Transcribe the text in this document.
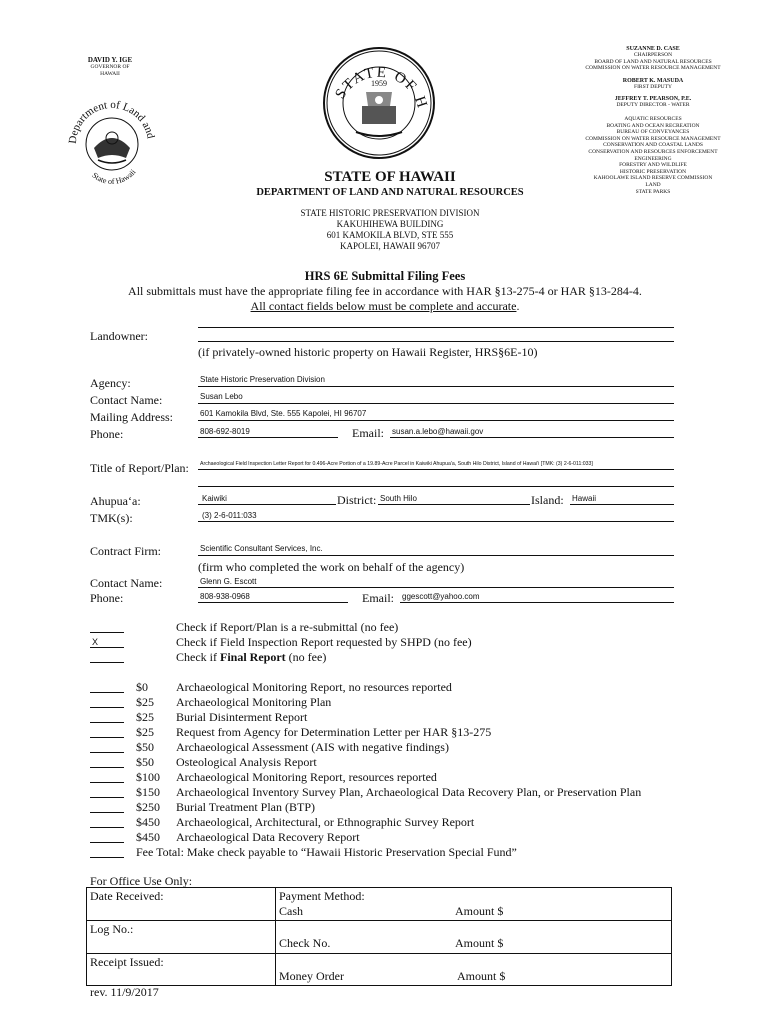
DAVID Y. IGE
GOVERNOR OF
HAWAII
Department of Land and
State of Hawaii
STATE OF H
1959
SUZANNE D. CASE
CHAIRPERSON
BOARD OF LAND AND NATURAL RESOURCES
COMMISSION ON WATER RESOURCE MANAGEMENT
ROBERT K. MASUDA
FIRST DEPUTY
JEFFREY T. PEARSON, P.E.
DEPUTY DIRECTOR - WATER
AQUATIC RESOURCES
BOATING AND OCEAN RECREATION
BUREAU OF CONVEYANCES
COMMISSION ON WATER RESOURCE MANAGEMENT
CONSERVATION AND COASTAL LANDS
CONSERVATION AND RESOURCES ENFORCEMENT
ENGINEERING
FORESTRY AND WILDLIFE
HISTORIC PRESERVATION
KAHOOLAWE ISLAND RESERVE COMMISSION
LAND
STATE PARKS
STATE OF HAWAII
DEPARTMENT OF LAND AND NATURAL RESOURCES
STATE HISTORIC PRESERVATION DIVISION
KAKUHIHEWA BUILDING
601 KAMOKILA BLVD, STE 555
KAPOLEI, HAWAII 96707
HRS 6E Submittal Filing Fees
All submittals must have the appropriate filing fee in accordance with HAR §13-275-4 or HAR §13-284-4.
All contact fields below must be complete and accurate.
Landowner:
(if privately-owned historic property on Hawaii Register, HRS§6E-10)
Agency:	State Historic Preservation Division
Contact Name:	Susan Lebo
Mailing Address:	601 Kamokila Blvd, Ste. 555 Kapolei, HI 96707
Phone:	808-692-8019	Email: susan.a.lebo@hawaii.gov
Title of Report/Plan: Archaeological Field Inspection Letter Report for 0.496-Acre Portion of a 19.89-Acre Parcel in Kaiwiki Ahupua'a, South Hilo District, Island of Hawai'i [TMK: (3) 2-6-011:033]
Ahupua‘a:	Kaiwiki	District: South Hilo	Island: Hawaii
TMK(s):	(3) 2-6-011:033
Contract Firm:	Scientific Consultant Services, Inc.
(firm who completed the work on behalf of the agency)
Contact Name:	Glenn G. Escott
Phone:	808-938-0968	Email: ggescott@yahoo.com
Check if Report/Plan is a re-submittal (no fee)
X	Check if Field Inspection Report requested by SHPD (no fee)
Check if Final Report (no fee)
$0 Archaeological Monitoring Report, no resources reported
$25 Archaeological Monitoring Plan
$25 Burial Disinterment Report
$25 Request from Agency for Determination Letter per HAR §13-275
$50 Archaeological Assessment (AIS with negative findings)
$50 Osteological Analysis Report
$100 Archaeological Monitoring Report, resources reported
$150 Archaeological Inventory Survey Plan, Archaeological Data Recovery Plan, or Preservation Plan
$250 Burial Treatment Plan (BTP)
$450 Archaeological, Architectural, or Ethnographic Survey Report
$450 Archaeological Data Recovery Report
Fee Total: Make check payable to “Hawaii Historic Preservation Special Fund”
For Office Use Only:
Date Received:	Payment Method:
Cash Amount $

Log No.:	Check No. Amount $

Receipt Issued:	Money Order Amount $
rev. 11/9/2017
